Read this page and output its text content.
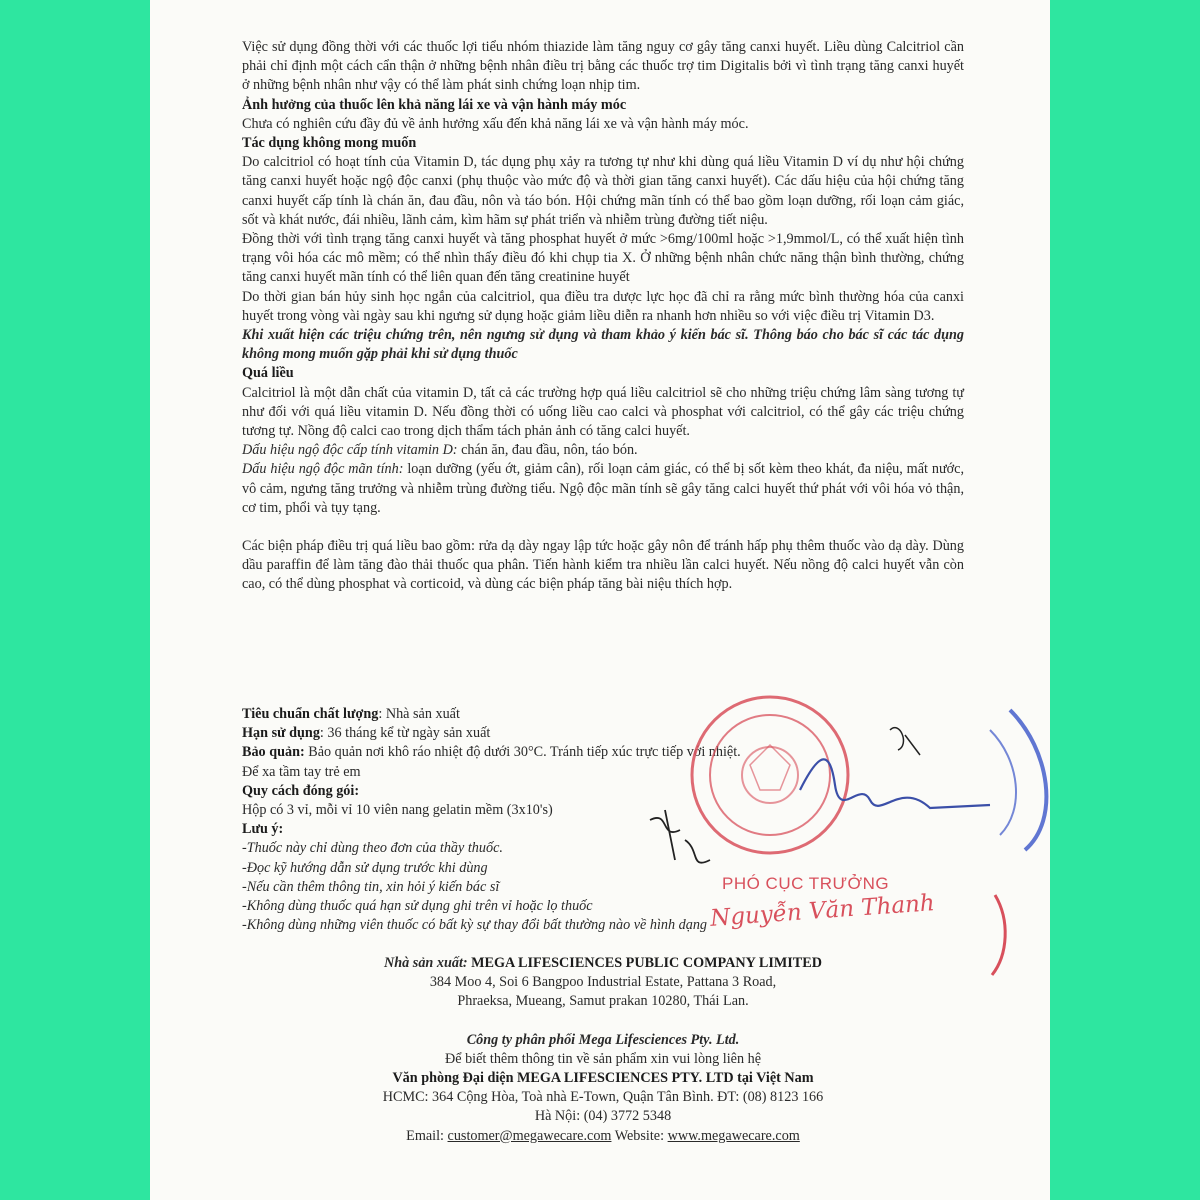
Việc sử dụng đồng thời với các thuốc lợi tiểu nhóm thiazide làm tăng nguy cơ gây tăng canxi huyết. Liều dùng Calcitriol cần phải chỉ định một cách cẩn thận ở những bệnh nhân điều trị bằng các thuốc trợ tim Digitalis bởi vì tình trạng tăng canxi huyết ở những bệnh nhân như vậy có thể làm phát sinh chứng loạn nhịp tim.

Ảnh hưởng của thuốc lên khả năng lái xe và vận hành máy móc

Chưa có nghiên cứu đầy đủ về ảnh hưởng xấu đến khả năng lái xe và vận hành máy móc.

Tác dụng không mong muốn

Do calcitriol có hoạt tính của Vitamin D, tác dụng phụ xảy ra tương tự như khi dùng quá liều Vitamin D ví dụ như hội chứng tăng canxi huyết hoặc ngộ độc canxi (phụ thuộc vào mức độ và thời gian tăng canxi huyết). Các dấu hiệu của hội chứng tăng canxi huyết cấp tính là chán ăn, đau đầu, nôn và táo bón. Hội chứng mãn tính có thể bao gồm loạn dưỡng, rối loạn cảm giác, sốt và khát nước, đái nhiều, lãnh cảm, kìm hãm sự phát triển và nhiễm trùng đường tiết niệu.

Đồng thời với tình trạng tăng canxi huyết và tăng phosphat huyết ở mức >6mg/100ml hoặc >1,9mmol/L, có thể xuất hiện tình trạng vôi hóa các mô mềm; có thể nhìn thấy điều đó khi chụp tia X. Ở những bệnh nhân chức năng thận bình thường, chứng tăng canxi huyết mãn tính có thể liên quan đến tăng creatinine huyết

Do thời gian bán hủy sinh học ngắn của calcitriol, qua điều tra dược lực học đã chỉ ra rằng mức bình thường hóa của canxi huyết trong vòng vài ngày sau khi ngưng sử dụng hoặc giảm liều diễn ra nhanh hơn nhiều so với việc điều trị Vitamin D3.

Khi xuất hiện các triệu chứng trên, nên ngưng sử dụng và tham khảo ý kiến bác sĩ. Thông báo cho bác sĩ các tác dụng không mong muốn gặp phải khi sử dụng thuốc

Quá liều

Calcitriol là một dẫn chất của vitamin D, tất cả các trường hợp quá liều calcitriol sẽ cho những triệu chứng lâm sàng tương tự như đối với quá liều vitamin D. Nếu đồng thời có uống liều cao calci và phosphat với calcitriol, có thể gây các triệu chứng tương tự. Nồng độ calci cao trong dịch thẩm tách phản ảnh có tăng calci huyết.

Dấu hiệu ngộ độc cấp tính vitamin D: chán ăn, đau đầu, nôn, táo bón.

Dấu hiệu ngộ độc mãn tính: loạn dưỡng (yếu ớt, giảm cân), rối loạn cảm giác, có thể bị sốt kèm theo khát, đa niệu, mất nước, vô cảm, ngưng tăng trưởng và nhiễm trùng đường tiểu. Ngộ độc mãn tính sẽ gây tăng calci huyết thứ phát với vôi hóa vỏ thận, cơ tim, phổi và tụy tạng.

Các biện pháp điều trị quá liều bao gồm: rửa dạ dày ngay lập tức hoặc gây nôn để tránh hấp phụ thêm thuốc vào dạ dày. Dùng dầu paraffin để làm tăng đào thải thuốc qua phân. Tiến hành kiểm tra nhiều lần calci huyết. Nếu nồng độ calci huyết vẫn còn cao, có thể dùng phosphat và corticoid, và dùng các biện pháp tăng bài niệu thích hợp.

Tiêu chuẩn chất lượng: Nhà sản xuất

Hạn sử dụng: 36 tháng kể từ ngày sản xuất

Bảo quản: Bảo quản nơi khô ráo nhiệt độ dưới 30°C. Tránh tiếp xúc trực tiếp với nhiệt.

Để xa tầm tay trẻ em

Quy cách đóng gói:

Hộp có 3 vỉ, mỗi vỉ 10 viên nang gelatin mềm (3x10's)

Lưu ý:

-Thuốc này chỉ dùng theo đơn của thầy thuốc.

-Đọc kỹ hướng dẫn sử dụng trước khi dùng

-Nếu cần thêm thông tin, xin hỏi ý kiến bác sĩ

-Không dùng thuốc quá hạn sử dụng ghi trên vỉ hoặc lọ thuốc

-Không dùng những viên thuốc có bất kỳ sự thay đổi bất thường nào về hình dạng

PHÓ CỤC TRƯỞNG
Nguyễn Văn Thanh

Nhà sản xuất: MEGA LIFESCIENCES PUBLIC COMPANY LIMITED

384 Moo 4, Soi 6 Bangpoo Industrial Estate, Pattana 3 Road,

Phraeksa, Mueang, Samut prakan 10280, Thái Lan.

Công ty phân phối Mega Lifesciences Pty. Ltd.

Để biết thêm thông tin về sản phẩm xin vui lòng liên hệ

Văn phòng Đại diện MEGA LIFESCIENCES PTY. LTD tại Việt Nam

HCMC: 364 Cộng Hòa, Toà nhà E-Town, Quận Tân Bình. ĐT: (08) 8123 166

Hà Nội: (04) 3772 5348

Email: customer@megawecare.com Website: www.megawecare.com
